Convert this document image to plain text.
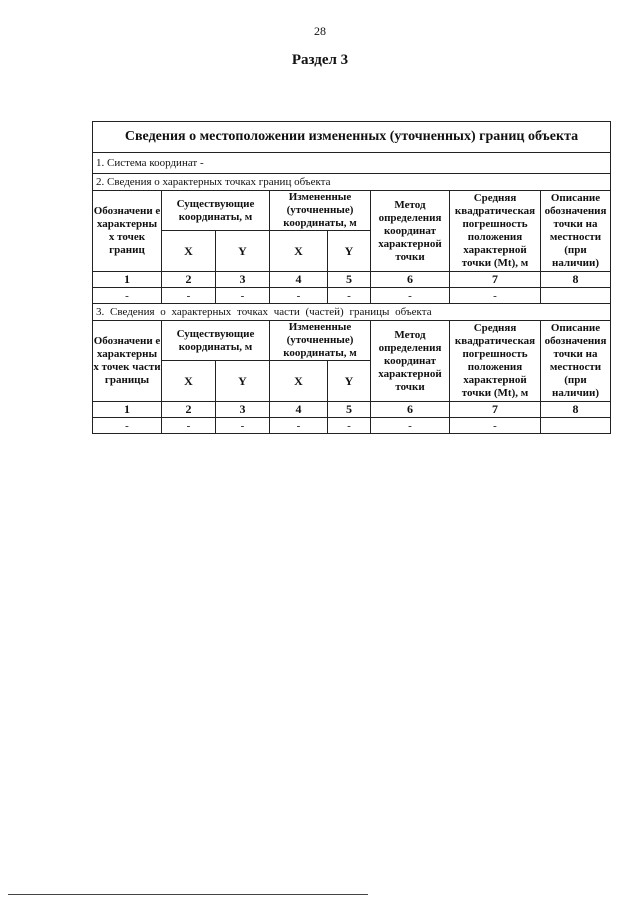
28
Раздел 3
Сведения о местоположении измененных (уточненных) границ объекта							
1. Система координат -							
2. Сведения о характерных точках границ объекта							
Обозначени е характерны х точек границ	Существующие координаты, м		Измененные (уточненные) координаты, м		Метод определения координат характерной точки	Средняя квадратическая погрешность положения характерной точки (Mt), м	Описание обозначения точки на местности (при наличии)
	X	Y	X	Y			
1	2	3	4	5	6	7	8
-	-	-	-	-	-	-	
3. Сведения о характерных точках части (частей) границы объекта							
Обозначени е характерны х точек части границы	Существующие координаты, м		Измененные (уточненные) координаты, м		Метод определения координат характерной точки	Средняя квадратическая погрешность положения характерной точки (Mt), м	Описание обозначения точки на местности (при наличии)
	X	Y	X	Y			
1	2	3	4	5	6	7	8
-	-	-	-	-	-	-	
